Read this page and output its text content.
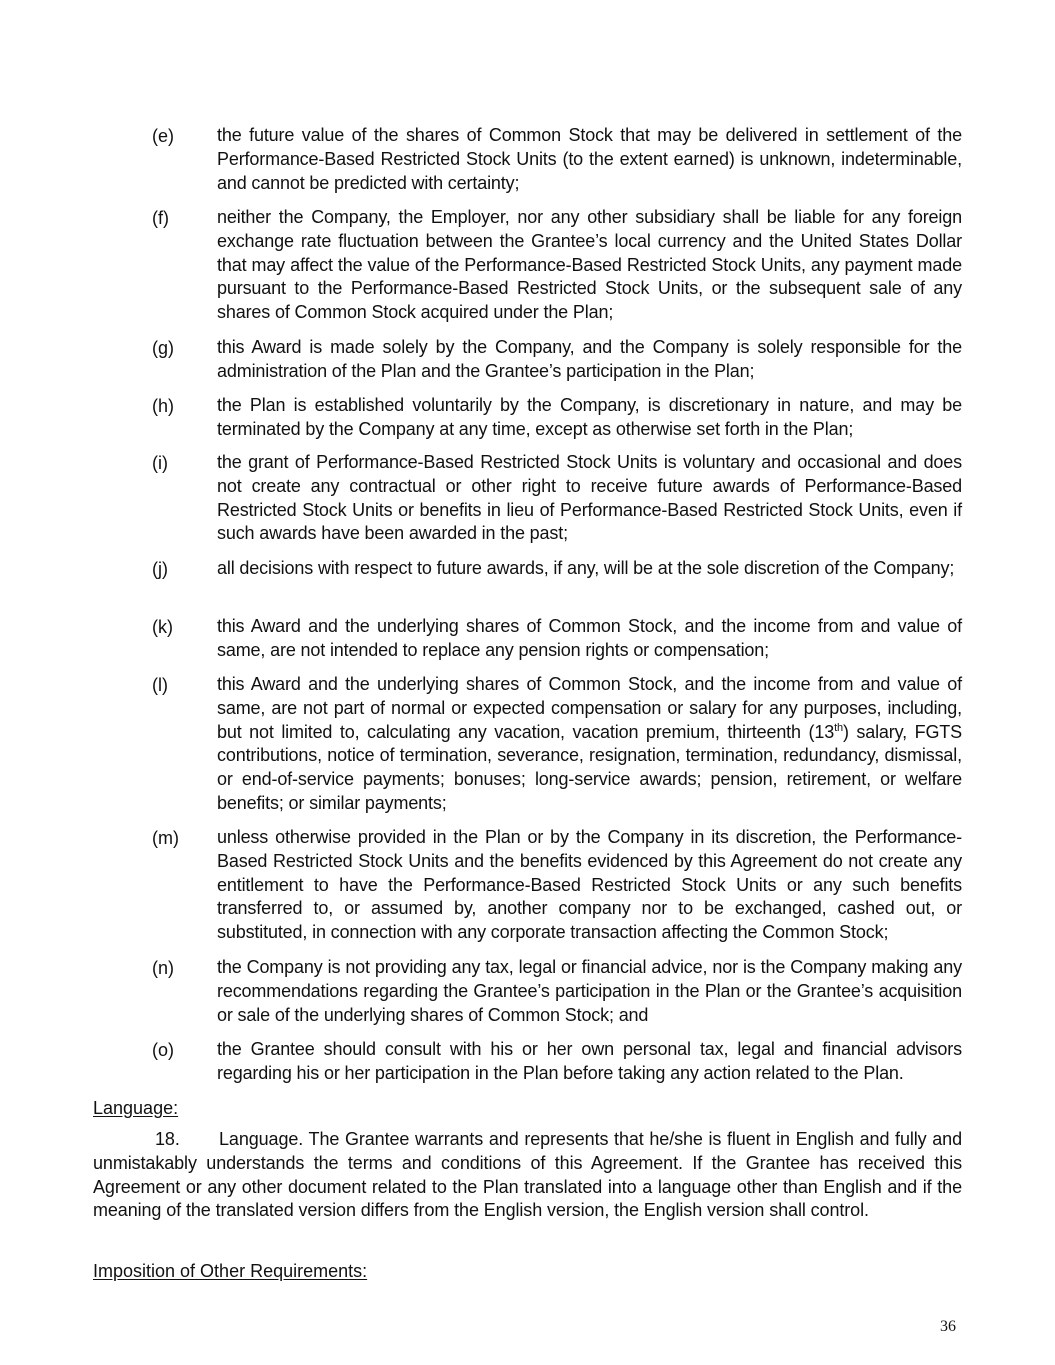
(e)	the future value of the shares of Common Stock that may be delivered in settlement of the Performance-Based Restricted Stock Units (to the extent earned) is unknown, indeterminable, and cannot be predicted with certainty;
(f)	neither the Company, the Employer, nor any other subsidiary shall be liable for any foreign exchange rate fluctuation between the Grantee’s local currency and the United States Dollar that may affect the value of the Performance-Based Restricted Stock Units, any payment made pursuant to the Performance-Based Restricted Stock Units, or the subsequent sale of any shares of Common Stock acquired under the Plan;
(g)	this Award is made solely by the Company, and the Company is solely responsible for the administration of the Plan and the Grantee’s participation in the Plan;
(h)	the Plan is established voluntarily by the Company, is discretionary in nature, and may be terminated by the Company at any time, except as otherwise set forth in the Plan;
(i)	the grant of Performance-Based Restricted Stock Units is voluntary and occasional and does not create any contractual or other right to receive future awards of Performance-Based Restricted Stock Units or benefits in lieu of Performance-Based Restricted Stock Units, even if such awards have been awarded in the past;
(j)	all decisions with respect to future awards, if any, will be at the sole discretion of the Company;
(k)	this Award and the underlying shares of Common Stock, and the income from and value of same, are not intended to replace any pension rights or compensation;
(l)	this Award and the underlying shares of Common Stock, and the income from and value of same, are not part of normal or expected compensation or salary for any purposes, including, but not limited to, calculating any vacation, vacation premium, thirteenth (13th) salary, FGTS contributions, notice of termination, severance, resignation, termination, redundancy, dismissal, or end-of-service payments; bonuses; long-service awards; pension, retirement, or welfare benefits; or similar payments;
(m)	unless otherwise provided in the Plan or by the Company in its discretion, the Performance-Based Restricted Stock Units and the benefits evidenced by this Agreement do not create any entitlement to have the Performance-Based Restricted Stock Units or any such benefits transferred to, or assumed by, another company nor to be exchanged, cashed out, or substituted, in connection with any corporate transaction affecting the Common Stock;
(n)	the Company is not providing any tax, legal or financial advice, nor is the Company making any recommendations regarding the Grantee’s participation in the Plan or the Grantee’s acquisition or sale of the underlying shares of Common Stock; and
(o)	the Grantee should consult with his or her own personal tax, legal and financial advisors regarding his or her participation in the Plan before taking any action related to the Plan.
Language:
18. Language. The Grantee warrants and represents that he/she is fluent in English and fully and unmistakably understands the terms and conditions of this Agreement. If the Grantee has received this Agreement or any other document related to the Plan translated into a language other than English and if the meaning of the translated version differs from the English version, the English version shall control.
Imposition of Other Requirements:
36
